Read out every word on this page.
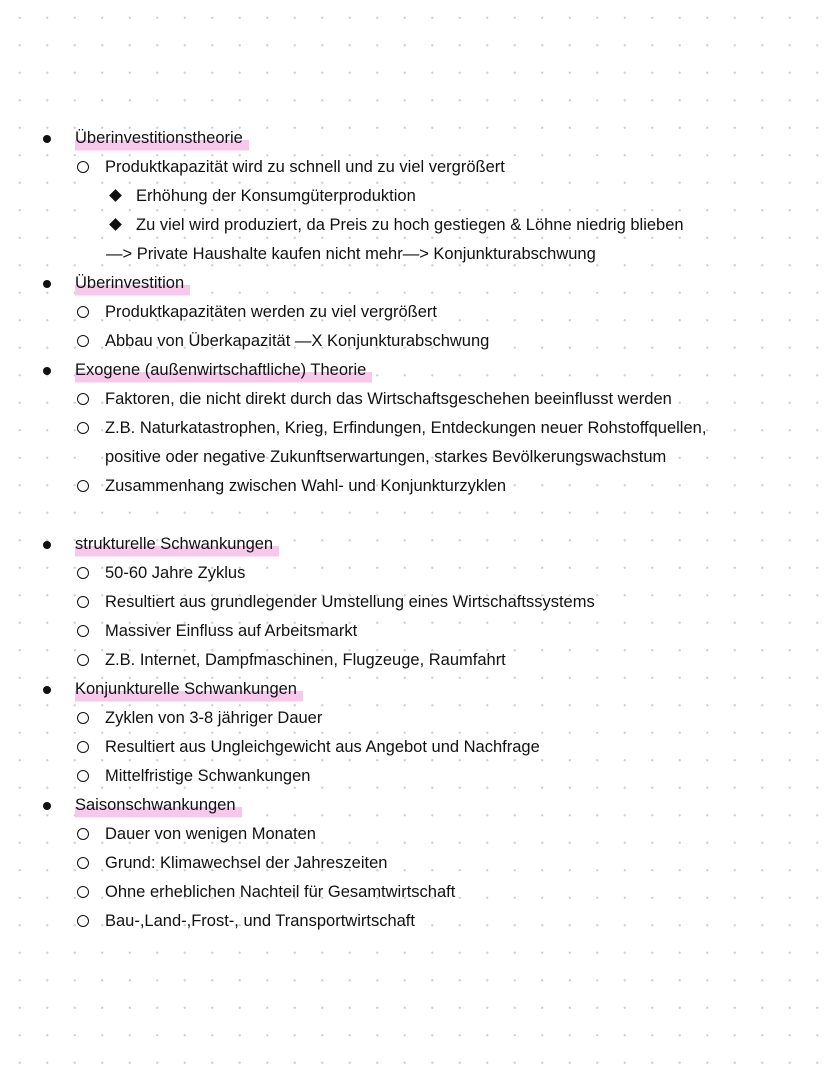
Überinvestitionstheorie
Produktkapazität wird zu schnell und zu viel vergrößert
Erhöhung der Konsumgüterproduktion
Zu viel wird produziert, da Preis zu hoch gestiegen & Löhne niedrig blieben
—> Private Haushalte kaufen nicht mehr—> Konjunkturabschwung
Überinvestition
Produktkapazitäten werden zu viel vergrößert
Abbau von Überkapazität —X Konjunkturabschwung
Exogene (außenwirtschaftliche) Theorie
Faktoren, die nicht direkt durch das Wirtschaftsgeschehen beeinflusst werden
Z.B. Naturkatastrophen, Krieg, Erfindungen, Entdeckungen neuer Rohstoffquellen,
positive oder negative Zukunftserwartungen, starkes Bevölkerungswachstum
Zusammenhang zwischen Wahl- und Konjunkturzyklen
strukturelle Schwankungen
50-60 Jahre Zyklus
Resultiert aus grundlegender Umstellung eines Wirtschaftssystems
Massiver Einfluss auf Arbeitsmarkt
Z.B. Internet, Dampfmaschinen, Flugzeuge, Raumfahrt
Konjunkturelle Schwankungen
Zyklen von 3-8 jähriger Dauer
Resultiert aus Ungleichgewicht aus Angebot und Nachfrage
Mittelfristige Schwankungen
Saisonschwankungen
Dauer von wenigen Monaten
Grund: Klimawechsel der Jahreszeiten
Ohne erheblichen Nachteil für Gesamtwirtschaft
Bau-,Land-,Frost-, und Transportwirtschaft
